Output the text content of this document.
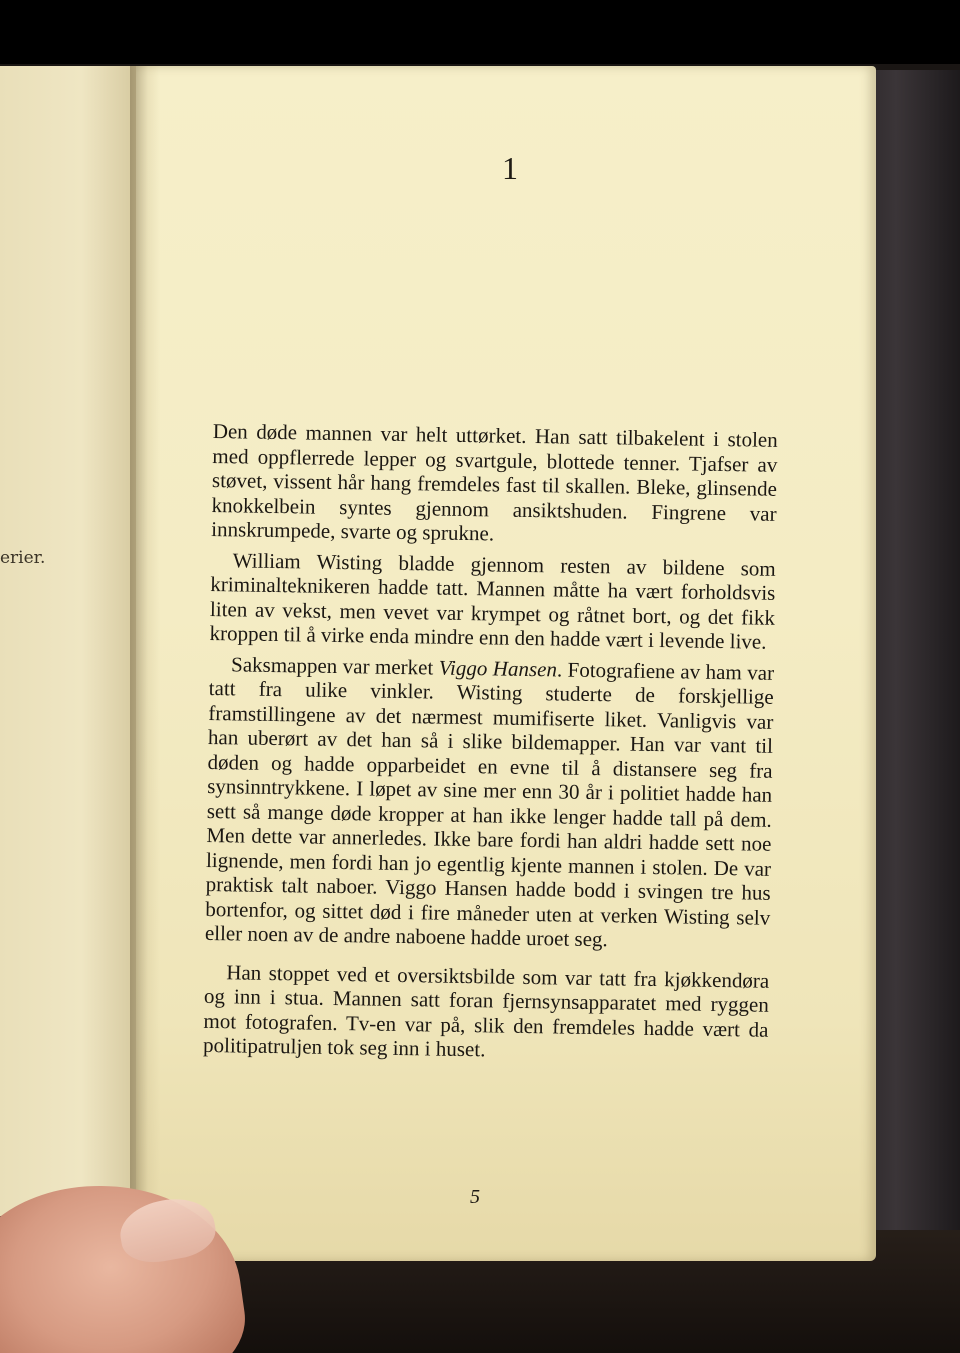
erier.
1

Den døde mannen var helt uttørket. Han satt tilbakelent i stolen med oppflerrede lepper og svartgule, blottede tenner. Tjafser av støvet, vissent hår hang fremdeles fast til skallen. Bleke, glinsende knokkelbein syntes gjennom ansiktshuden. Fingrene var innskrumpede, svarte og sprukne.

William Wisting bladde gjennom resten av bildene som kriminalteknikeren hadde tatt. Mannen måtte ha vært forholdsvis liten av vekst, men vevet var krympet og råtnet bort, og det fikk kroppen til å virke enda mindre enn den hadde vært i levende live.

Saksmappen var merket Viggo Hansen. Fotografiene av ham var tatt fra ulike vinkler. Wisting studerte de forskjellige framstillingene av det nærmest mumifiserte liket. Vanligvis var han uberørt av det han så i slike bildemapper. Han var vant til døden og hadde opparbeidet en evne til å distansere seg fra synsinntrykkene. I løpet av sine mer enn 30 år i politiet hadde han sett så mange døde kropper at han ikke lenger hadde tall på dem. Men dette var annerledes. Ikke bare fordi han aldri hadde sett noe lignende, men fordi han jo egentlig kjente mannen i stolen. De var praktisk talt naboer. Viggo Hansen hadde bodd i svingen tre hus bortenfor, og sittet død i fire måneder uten at verken Wisting selv eller noen av de andre naboene hadde uroet seg.

Han stoppet ved et oversiktsbilde som var tatt fra kjøkkendøra og inn i stua. Mannen satt foran fjernsynsapparatet med ryggen mot fotografen. Tv-en var på, slik den fremdeles hadde vært da politipatruljen tok seg inn i huset.

5
